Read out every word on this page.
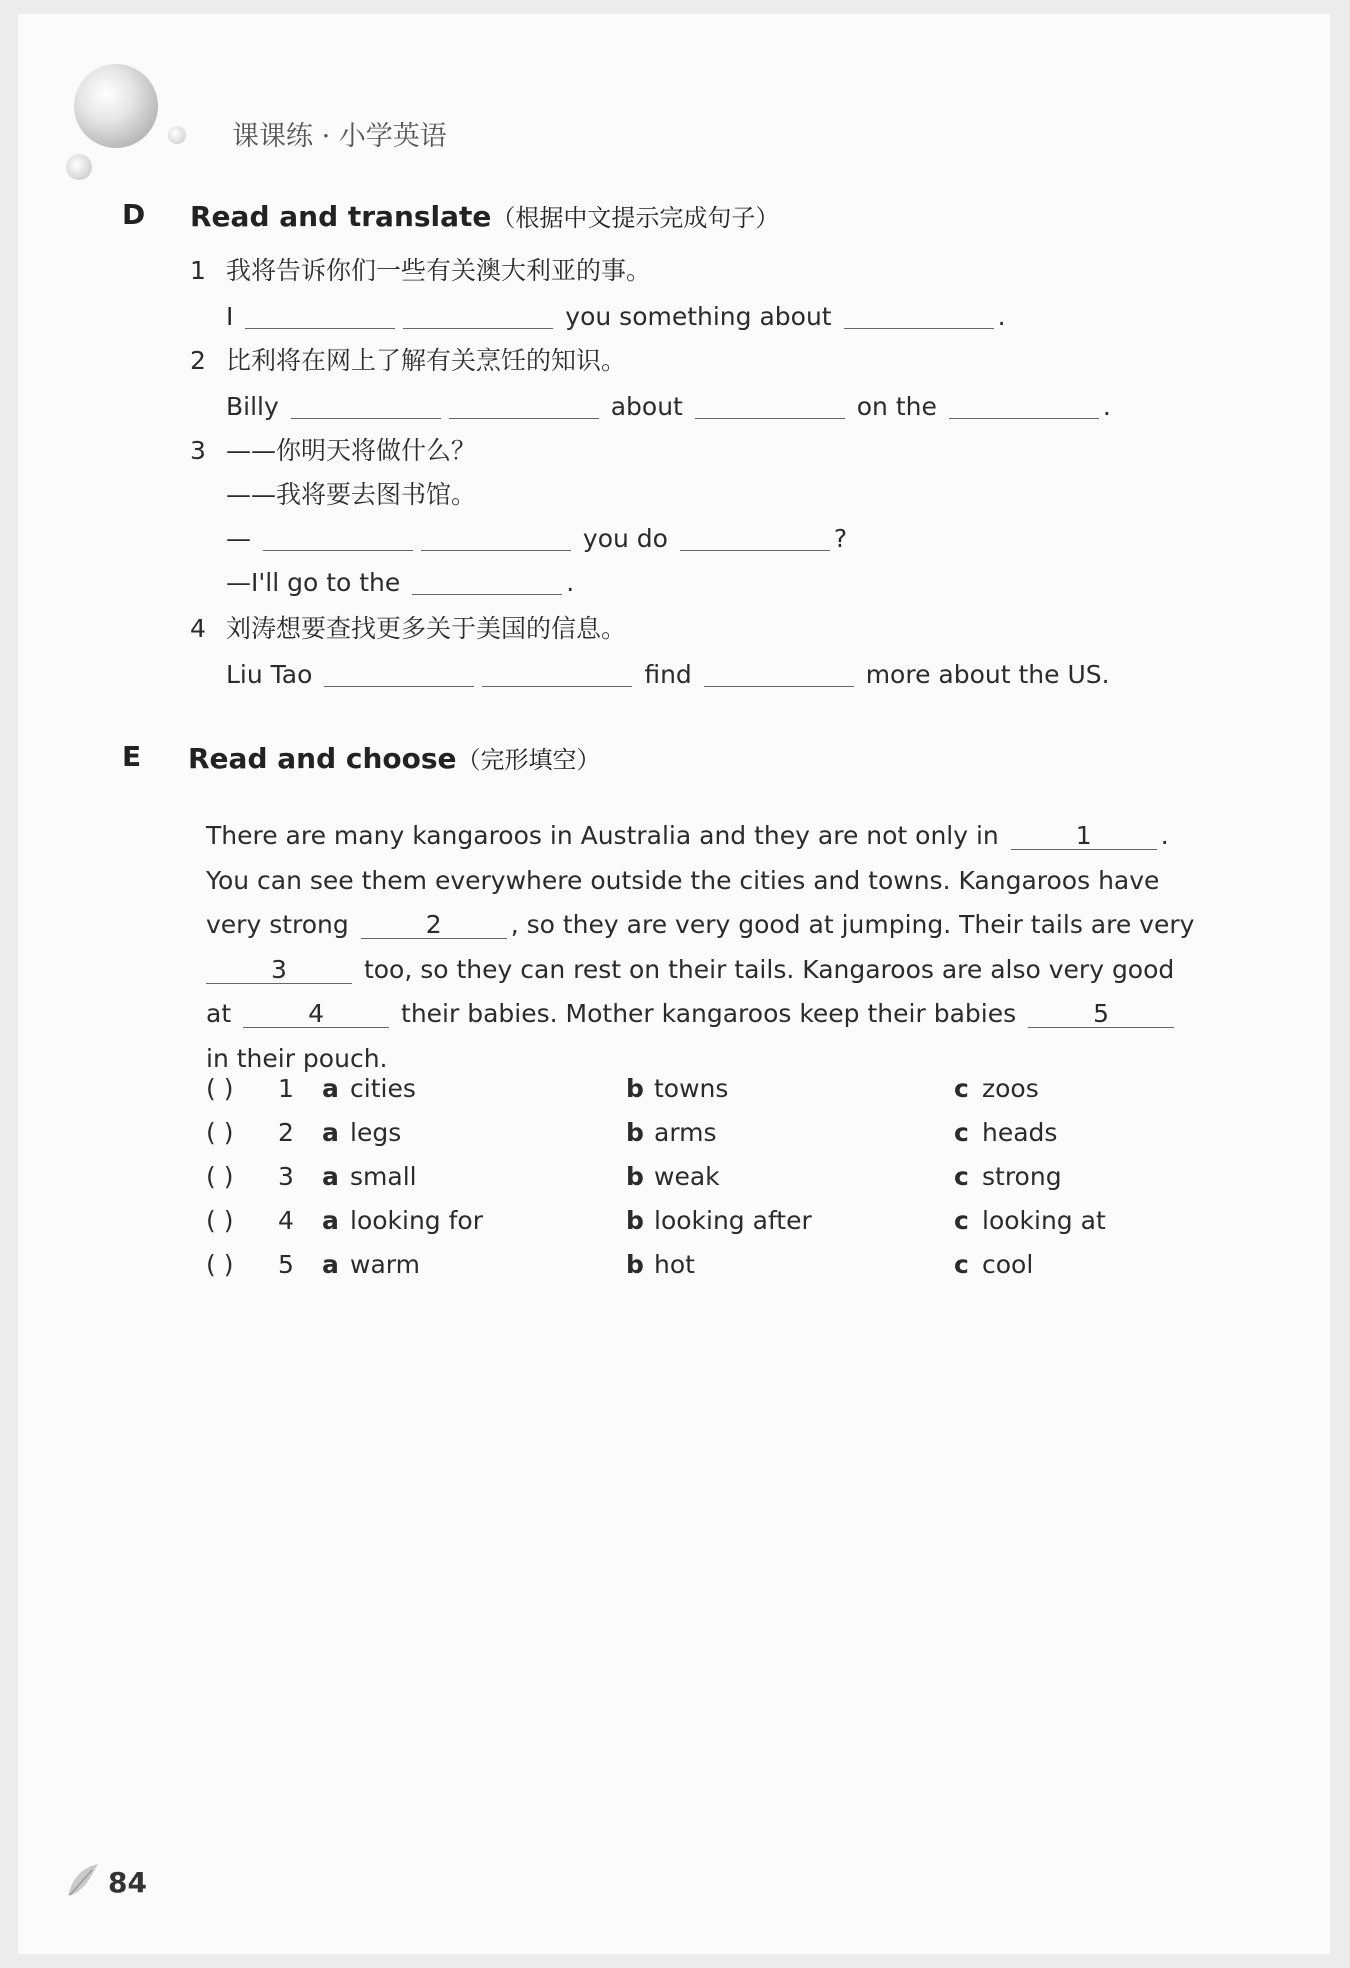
课课练 · 小学英语
D Read and translate（根据中文提示完成句子）
1 我将告诉你们一些有关澳大利亚的事。
I	you something about	.
2 比利将在网上了解有关烹饪的知识。
Billy	about	on the	.
3 ——你明天将做什么？
——我将要去图书馆。
—	you do	?
—I'll go to the	.
4 刘涛想要查找更多关于美国的信息。
Liu Tao	find	more about the US.
E Read and choose（完形填空）

There are many kangaroos in Australia and they are not only in	1	.

You can see them everywhere outside the cities and towns. Kangaroos have

very strong	2	, so they are very good at jumping. Their tails are very

3	too, so they can rest on their tails. Kangaroos are also very good

at	4	their babies. Mother kangaroos keep their babies	5

in their pouch.

( ) 1 a cities	b towns	c zoos
( ) 2 a legs	b arms	c heads
( ) 3 a small	b weak	c strong
( ) 4 a looking for	b looking after	c looking at
( ) 5 a warm	b hot	c cool
84
